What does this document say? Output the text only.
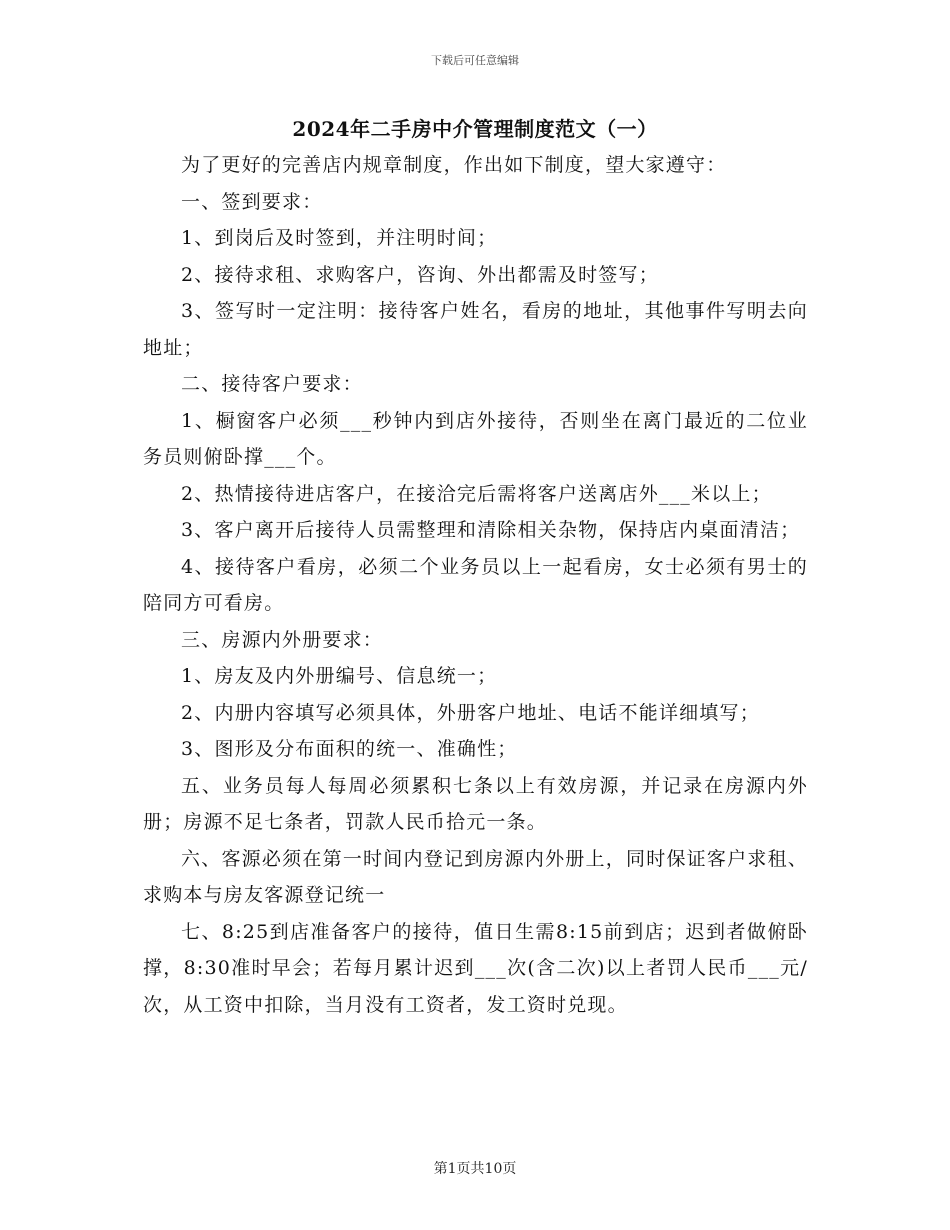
下载后可任意编辑
2024年二手房中介管理制度范文（一）

为了更好的完善店内规章制度，作出如下制度，望大家遵守：

一、签到要求：

1、到岗后及时签到，并注明时间；

2、接待求租、求购客户，咨询、外出都需及时签写；

3、签写时一定注明：接待客户姓名，看房的地址，其他事件写明去向地址；

二、接待客户要求：

1、橱窗客户必须___秒钟内到店外接待，否则坐在离门最近的二位业务员则俯卧撑___个。

2、热情接待进店客户，在接洽完后需将客户送离店外___米以上；

3、客户离开后接待人员需整理和清除相关杂物，保持店内桌面清洁；

4、接待客户看房，必须二个业务员以上一起看房，女士必须有男士的陪同方可看房。

三、房源内外册要求：

1、房友及内外册编号、信息统一；

2、内册内容填写必须具体，外册客户地址、电话不能详细填写；

3、图形及分布面积的统一、准确性；

五、业务员每人每周必须累积七条以上有效房源，并记录在房源内外册；房源不足七条者，罚款人民币拾元一条。

六、客源必须在第一时间内登记到房源内外册上，同时保证客户求租、求购本与房友客源登记统一

七、8:25到店准备客户的接待，值日生需8:15前到店；迟到者做俯卧撑，8:30准时早会；若每月累计迟到___次(含二次)以上者罚人民币___元/次，从工资中扣除，当月没有工资者，发工资时兑现。

第1页共10页
